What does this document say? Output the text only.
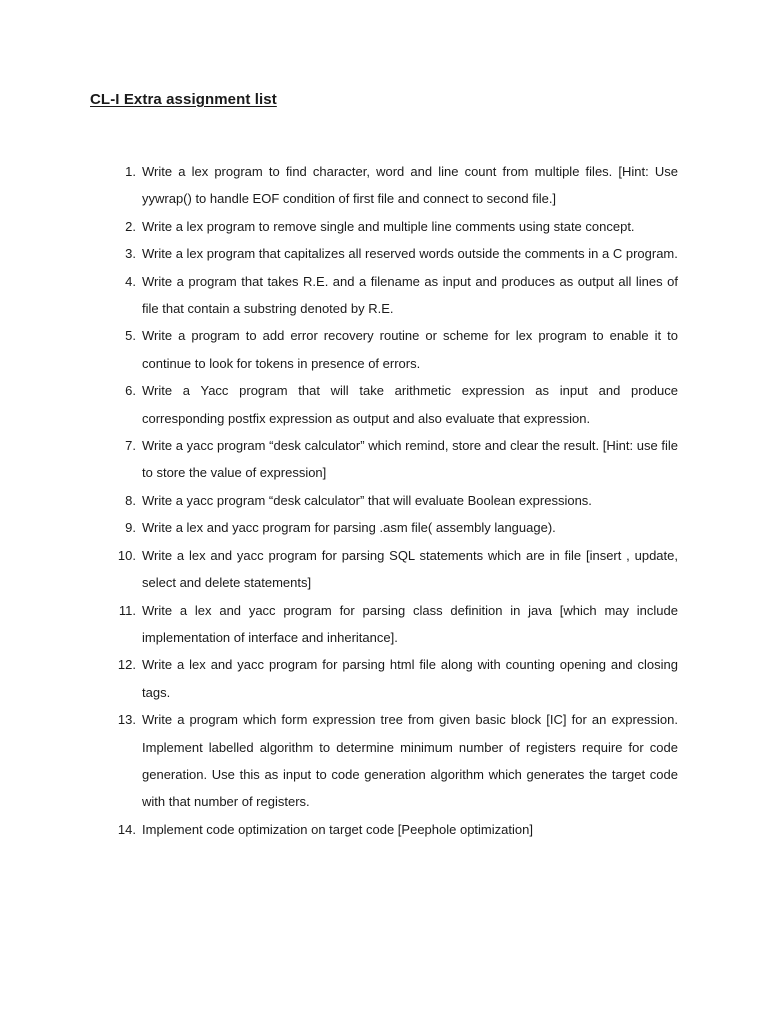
CL-I Extra assignment list
1. Write a lex program to find character, word and line count from multiple files. [Hint: Use yywrap() to handle EOF condition of first file and connect to second file.]
2. Write a lex program to remove single and multiple line comments using state concept.
3. Write a lex program that capitalizes all reserved words outside the comments in a C program.
4. Write a program that takes R.E. and a filename as input and produces as output all lines of file that contain a substring denoted by R.E.
5. Write a program to add error recovery routine or scheme for lex program to enable it to continue to look for tokens in presence of errors.
6. Write a Yacc program that will take arithmetic expression as input and produce corresponding postfix expression as output and also evaluate that expression.
7. Write a yacc program “desk calculator” which remind, store and clear the result. [Hint: use file to store the value of expression]
8. Write a yacc program “desk calculator” that will evaluate Boolean expressions.
9. Write a lex and yacc program for parsing .asm file( assembly language).
10. Write a lex and yacc program for parsing SQL statements which are in file [insert , update, select and delete statements]
11. Write a lex and yacc program for parsing class definition in java [which may include implementation of interface and inheritance].
12. Write a lex and yacc program for parsing html file along with counting opening and closing tags.
13. Write a program which form expression tree from given basic block [IC] for an expression. Implement labelled algorithm to determine minimum number of registers require for code generation. Use this as input to code generation algorithm which generates the target code with that number of registers.
14. Implement code optimization on target code [Peephole optimization]
